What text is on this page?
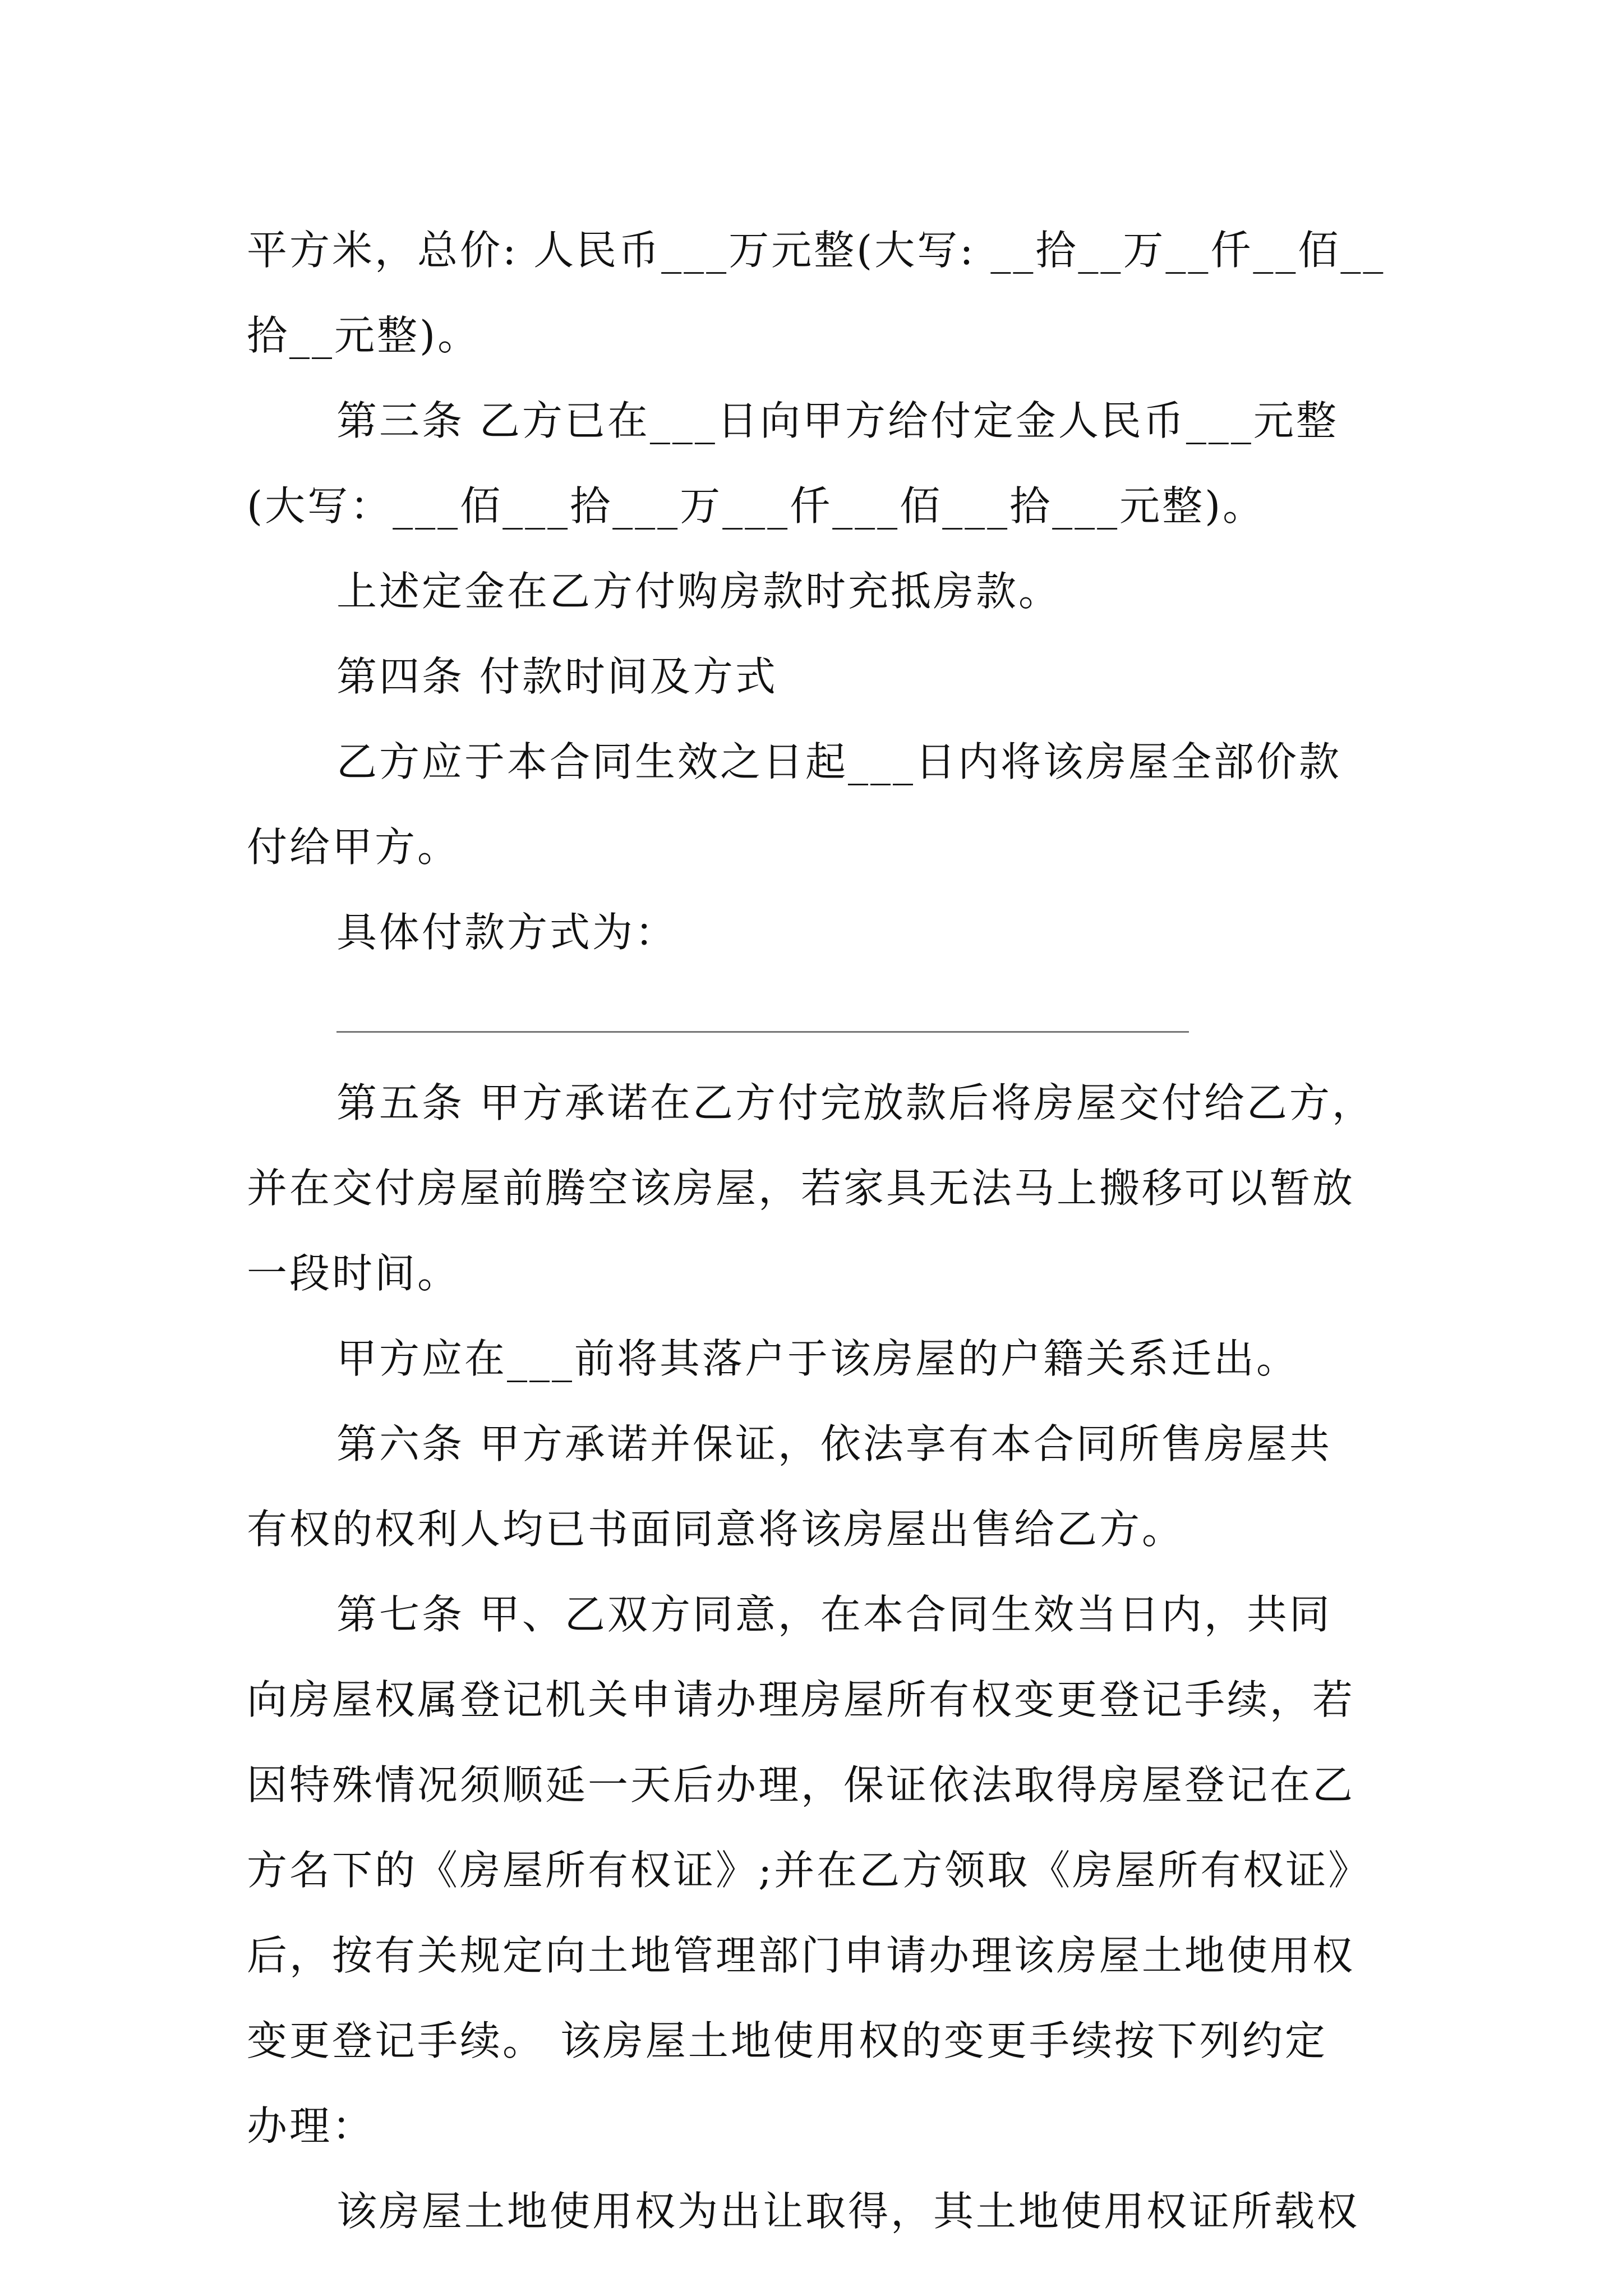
平方米，总价: 人民币___万元整(大写: __拾__万__仟__佰__
拾__元整)。
第三条 乙方已在___日向甲方给付定金人民币___元整
(大写：___佰___拾___万___仟___佰___拾___元整)。
上述定金在乙方付购房款时充抵房款。
第四条 付款时间及方式
乙方应于本合同生效之日起___日内将该房屋全部价款
付给甲方。
具体付款方式为：
第五条 甲方承诺在乙方付完放款后将房屋交付给乙方，
并在交付房屋前腾空该房屋，若家具无法马上搬移可以暂放
一段时间。
甲方应在___前将其落户于该房屋的户籍关系迁出。
第六条 甲方承诺并保证，依法享有本合同所售房屋共
有权的权利人均已书面同意将该房屋出售给乙方。
第七条 甲、乙双方同意，在本合同生效当日内，共同
向房屋权属登记机关申请办理房屋所有权变更登记手续，若
因特殊情况须顺延一天后办理，保证依法取得房屋登记在乙
方名下的《房屋所有权证》;并在乙方领取《房屋所有权证》
后，按有关规定向土地管理部门申请办理该房屋土地使用权
变更登记手续。 该房屋土地使用权的变更手续按下列约定
办理：
该房屋土地使用权为出让取得，其土地使用权证所载权
